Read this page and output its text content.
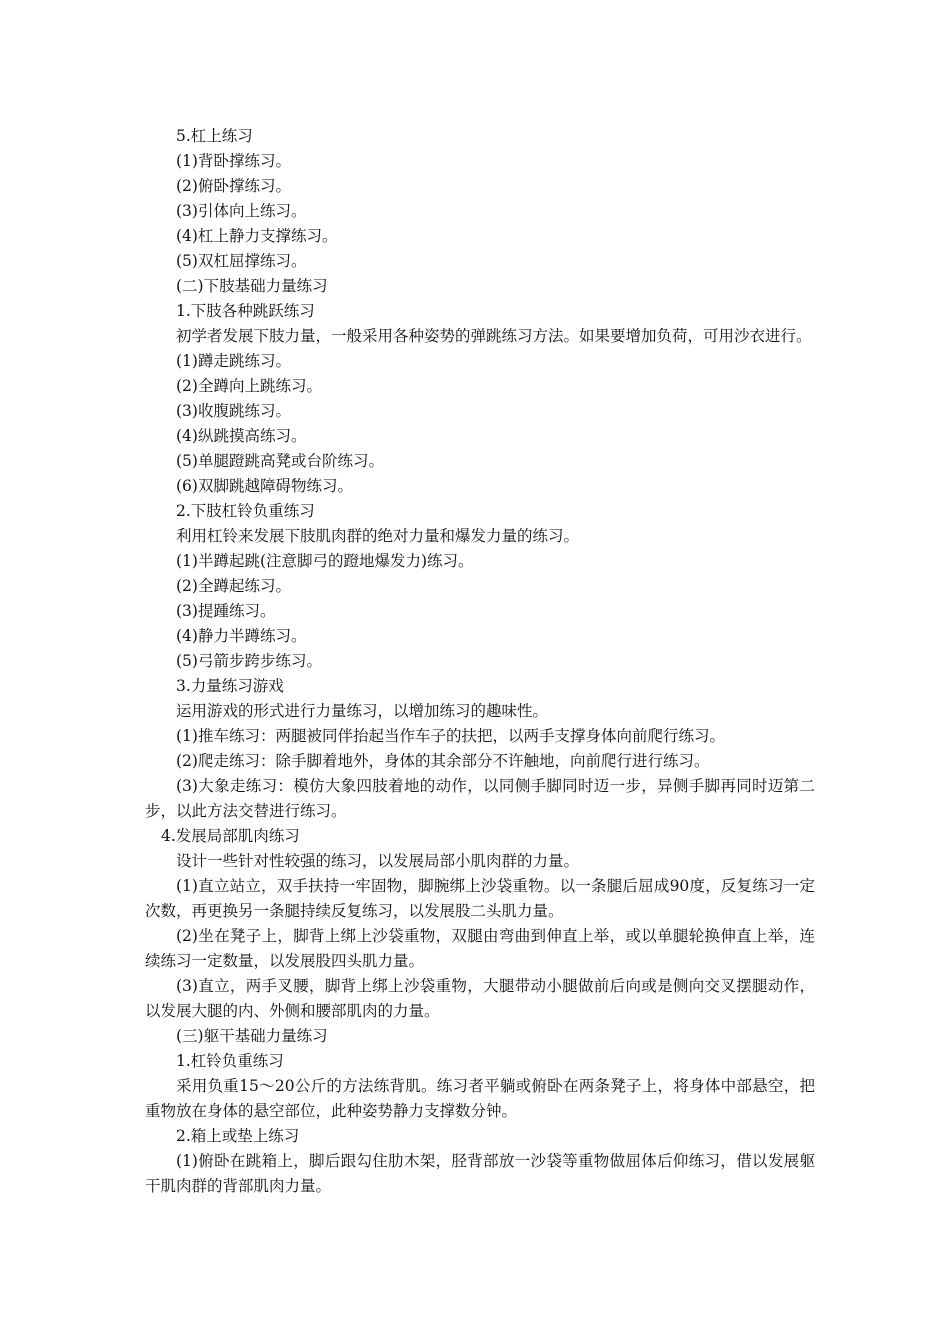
5.杠上练习
(1)背卧撑练习。
(2)俯卧撑练习。
(3)引体向上练习。
(4)杠上静力支撑练习。
(5)双杠屈撑练习。
(二)下肢基础力量练习
1.下肢各种跳跃练习
初学者发展下肢力量，一般采用各种姿势的弹跳练习方法。如果要增加负荷，可用沙衣进行。
(1)蹲走跳练习。
(2)全蹲向上跳练习。
(3)收腹跳练习。
(4)纵跳摸高练习。
(5)单腿蹬跳高凳或台阶练习。
(6)双脚跳越障碍物练习。
2.下肢杠铃负重练习
利用杠铃来发展下肢肌肉群的绝对力量和爆发力量的练习。
(1)半蹲起跳(注意脚弓的蹬地爆发力)练习。
(2)全蹲起练习。
(3)提踵练习。
(4)静力半蹲练习。
(5)弓箭步跨步练习。
3.力量练习游戏
运用游戏的形式进行力量练习，以增加练习的趣味性。
(1)推车练习：两腿被同伴抬起当作车子的扶把，以两手支撑身体向前爬行练习。
(2)爬走练习：除手脚着地外，身体的其余部分不许触地，向前爬行进行练习。
(3)大象走练习：模仿大象四肢着地的动作，以同侧手脚同时迈一步，异侧手脚再同时迈第二步，以此方法交替进行练习。
4.发展局部肌肉练习
设计一些针对性较强的练习，以发展局部小肌肉群的力量。
(1)直立站立，双手扶持一牢固物，脚腕绑上沙袋重物。以一条腿后屈成90度，反复练习一定次数，再更换另一条腿持续反复练习，以发展股二头肌力量。
(2)坐在凳子上，脚背上绑上沙袋重物，双腿由弯曲到伸直上举，或以单腿轮换伸直上举，连续练习一定数量，以发展股四头肌力量。
(3)直立，两手叉腰，脚背上绑上沙袋重物，大腿带动小腿做前后向或是侧向交叉摆腿动作，以发展大腿的内、外侧和腰部肌肉的力量。
(三)躯干基础力量练习
1.杠铃负重练习
采用负重15～20公斤的方法练背肌。练习者平躺或俯卧在两条凳子上，将身体中部悬空，把重物放在身体的悬空部位，此种姿势静力支撑数分钟。
2.箱上或垫上练习
(1)俯卧在跳箱上，脚后跟勾住肋木架，胫背部放一沙袋等重物做屈体后仰练习，借以发展躯干肌肉群的背部肌肉力量。
